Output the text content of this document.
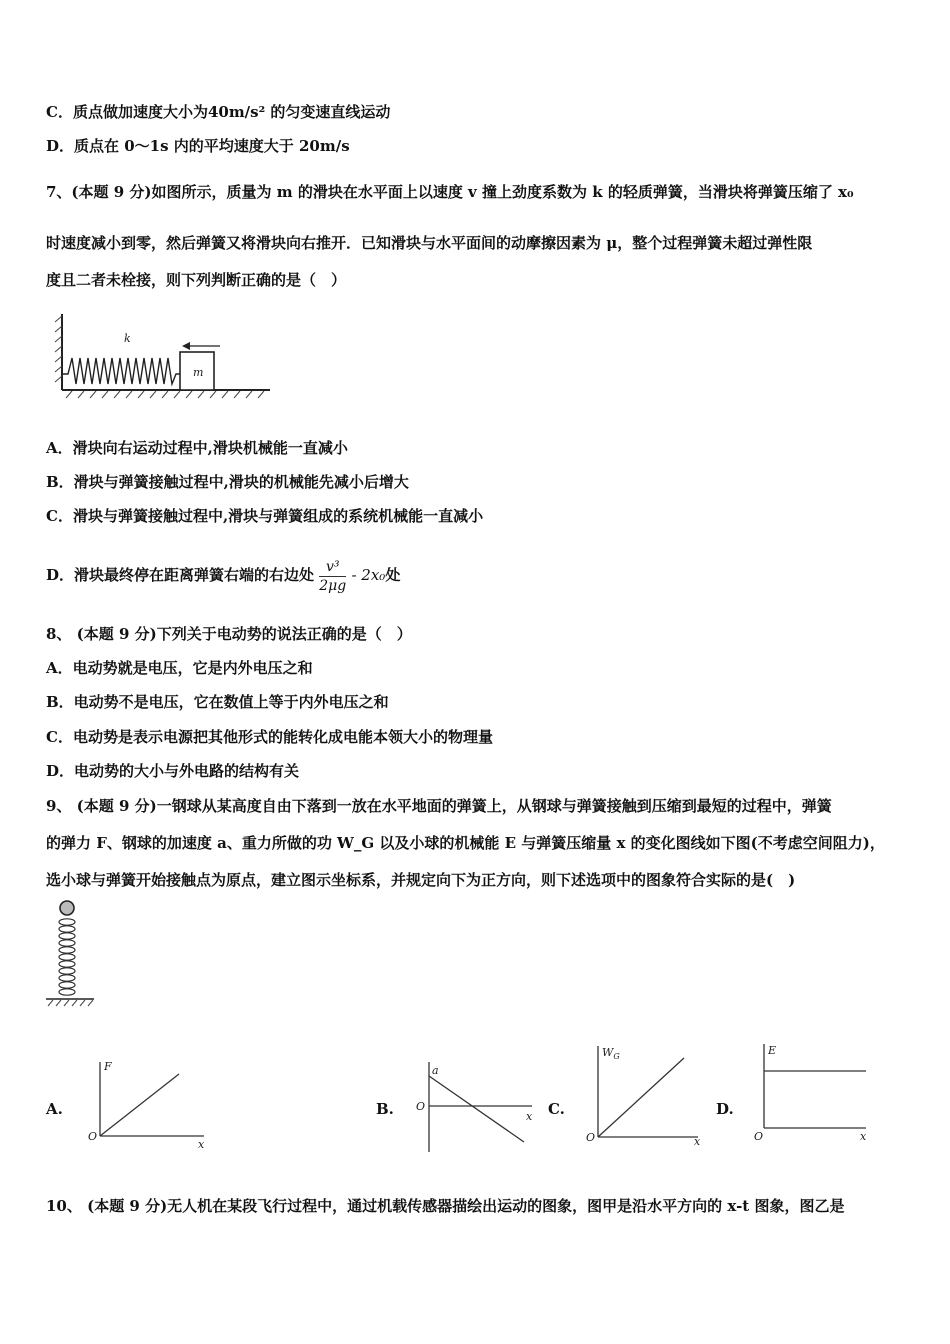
C．质点做加速度大小为40m/s² 的匀变速直线运动
D．质点在 0～1s 内的平均速度大于 20m/s
7、(本题 9 分)如图所示，质量为 m 的滑块在水平面上以速度 v 撞上劲度系数为 k 的轻质弹簧，当滑块将弹簧压缩了 x₀
时速度减小到零，然后弹簧又将滑块向右推开．已知滑块与水平面间的动摩擦因素为 μ，整个过程弹簧未超过弹性限
度且二者未栓接，则下列判断正确的是（　）
k
m
A．滑块向右运动过程中,滑块机械能一直减小
B．滑块与弹簧接触过程中,滑块的机械能先减小后增大
C．滑块与弹簧接触过程中,滑块与弹簧组成的系统机械能一直减小
D．滑块最终停在距离弹簧右端的右边处 $\frac{\text{v³}}{2\mu g} - 2x_0$处
8、 (本题 9 分)下列关于电动势的说法正确的是（　）
A．电动势就是电压，它是内外电压之和
B．电动势不是电压，它在数值上等于内外电压之和
C．电动势是表示电源把其他形式的能转化成电能本领大小的物理量
D．电动势的大小与外电路的结构有关
9、 (本题 9 分)一钢球从某高度自由下落到一放在水平地面的弹簧上，从钢球与弹簧接触到压缩到最短的过程中，弹簧
的弹力 F、钢球的加速度 a、重力所做的功 W_G 以及小球的机械能 E 与弹簧压缩量 x 的变化图线如下图(不考虑空间阻力)，
选小球与弹簧开始接触点为原点，建立图示坐标系，并规定向下为正方向，则下述选项中的图象符合实际的是(　)
A.
F
O
x
B.
a
O
x C.
$W_G$
O	x
D.
E
O	x
10、 (本题 9 分)无人机在某段飞行过程中，通过机载传感器描绘出运动的图象，图甲是沿水平方向的 x-t 图象，图乙是
